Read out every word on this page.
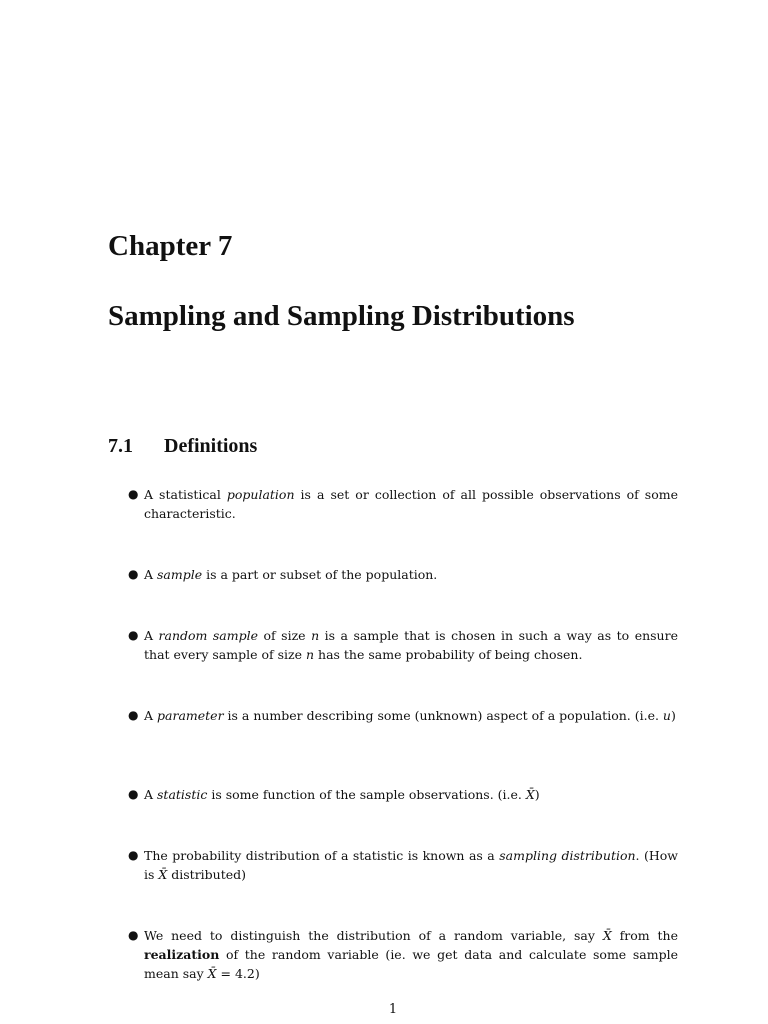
Chapter 7
Sampling and Sampling Distributions
7.1 Definitions
● A statistical population is a set or collection of all possible observations of some characteristic.
● A sample is a part or subset of the population.
● A random sample of size n is a sample that is chosen in such a way as to ensure that every sample of size n has the same probability of being chosen.
● A parameter is a number describing some (unknown) aspect of a population. (i.e. u)
● A statistic is some function of the sample observations. (i.e. X̄)
● The probability distribution of a statistic is known as a sampling distribution. (How is X̄ distributed)
● We need to distinguish the distribution of a random variable, say X̄ from the realization of the random variable (ie. we get data and calculate some sample mean say X̄ = 4.2)
1
